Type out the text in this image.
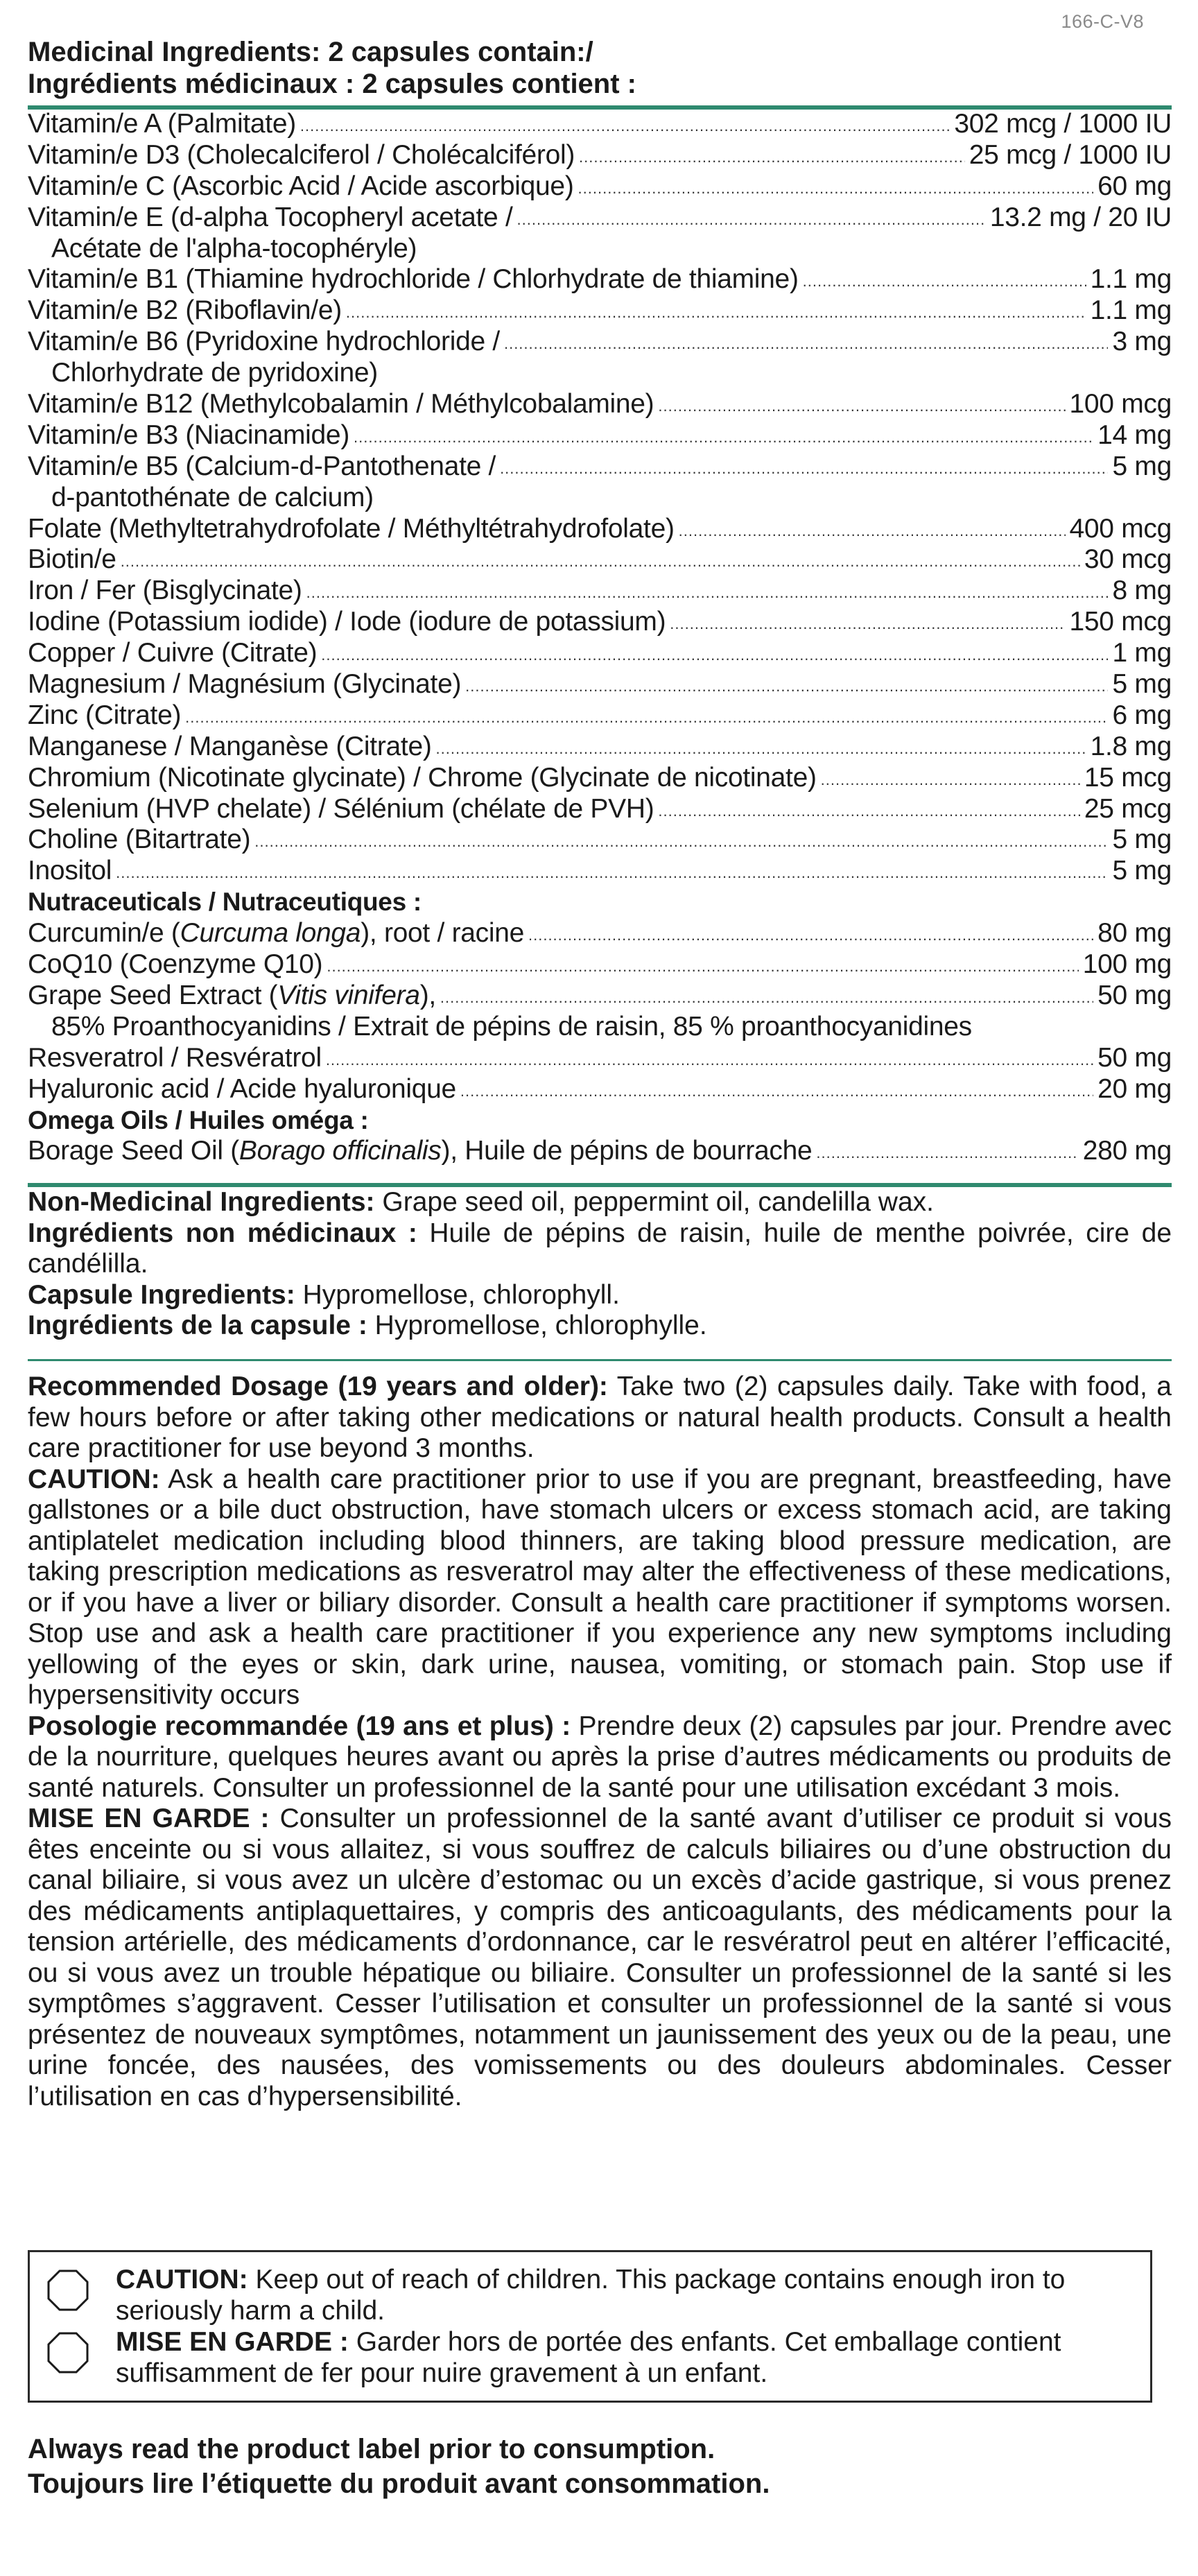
166-C-V8
Medicinal Ingredients: 2 capsules contain:/
Ingrédients médicinaux : 2 capsules contient :
Vitamin/e A (Palmitate) .....	302 mcg / 1000 IU
Vitamin/e D3 (Cholecalciferol / Cholécalciférol) .....	25 mcg / 1000 IU
Vitamin/e C (Ascorbic Acid / Acide ascorbique) .....	60 mg
Vitamin/e E (d-alpha Tocopheryl acetate / .....	13.2 mg / 20 IU
Acétate de l'alpha-tocophéryle)
Vitamin/e B1 (Thiamine hydrochloride / Chlorhydrate de thiamine) .....	1.1 mg
Vitamin/e B2 (Riboflavin/e) .....	1.1 mg
Vitamin/e B6 (Pyridoxine hydrochloride / .....	3 mg
Chlorhydrate de pyridoxine)
Vitamin/e B12 (Methylcobalamin / Méthylcobalamine) .....	100 mcg
Vitamin/e B3 (Niacinamide) .....	14 mg
Vitamin/e B5 (Calcium-d-Pantothenate / .....	5 mg
d-pantothénate de calcium)
Folate (Methyltetrahydrofolate / Méthyltétrahydrofolate) .....	400 mcg
Biotin/e .....	30 mcg
Iron / Fer (Bisglycinate) .....	8 mg
Iodine (Potassium iodide) / Iode (iodure de potassium) .....	150 mcg
Copper / Cuivre (Citrate) .....	1 mg
Magnesium / Magnésium (Glycinate) .....	5 mg
Zinc (Citrate) .....	6 mg
Manganese / Manganèse (Citrate) .....	1.8 mg
Chromium (Nicotinate glycinate) / Chrome (Glycinate de nicotinate) .....	15 mcg
Selenium (HVP chelate) / Sélénium (chélate de PVH) .....	25 mcg
Choline (Bitartrate) .....	5 mg
Inositol .....	5 mg
Nutraceuticals / Nutraceutiques :
Curcumin/e (Curcuma longa), root / racine .....	80 mg
CoQ10 (Coenzyme Q10) .....	100 mg
Grape Seed Extract (Vitis vinifera), .....	50 mg
85% Proanthocyanidins / Extrait de pépins de raisin, 85 % proanthocyanidines
Resveratrol / Resvératrol .....	50 mg
Hyaluronic acid / Acide hyaluronique .....	20 mg
Omega Oils / Huiles oméga :
Borage Seed Oil (Borago officinalis), Huile de pépins de bourrache .....	280 mg

Non-Medicinal Ingredients: Grape seed oil, peppermint oil, candelilla wax.

Ingrédients non médicinaux : Huile de pépins de raisin, huile de menthe poivrée, cire de candélilla.

Capsule Ingredients: Hypromellose, chlorophyll.

Ingrédients de la capsule : Hypromellose, chlorophylle.

Recommended Dosage (19 years and older): Take two (2) capsules daily. Take with food, a few hours before or after taking other medications or natural health products. Consult a health care practitioner for use beyond 3 months.

CAUTION: Ask a health care practitioner prior to use if you are pregnant, breastfeeding, have gallstones or a bile duct obstruction, have stomach ulcers or excess stomach acid, are taking antiplatelet medication including blood thinners, are taking blood pressure medication, are taking prescription medications as resveratrol may alter the effectiveness of these medications, or if you have a liver or biliary disorder. Consult a health care practitioner if symptoms worsen. Stop use and ask a health care practitioner if you experience any new symptoms including yellowing of the eyes or skin, dark urine, nausea, vomiting, or stomach pain. Stop use if hypersensitivity occurs

Posologie recommandée (19 ans et plus) : Prendre deux (2) capsules par jour. Prendre avec de la nourriture, quelques heures avant ou après la prise d’autres médicaments ou produits de santé naturels. Consulter un professionnel de la santé pour une utilisation excédant 3 mois.

MISE EN GARDE : Consulter un professionnel de la santé avant d’utiliser ce produit si vous êtes enceinte ou si vous allaitez, si vous souffrez de calculs biliaires ou d’une obstruction du canal biliaire, si vous avez un ulcère d’estomac ou un excès d’acide gastrique, si vous prenez des médicaments antiplaquettaires, y compris des anticoagulants, des médicaments pour la tension artérielle, des médicaments d’ordonnance, car le resvératrol peut en altérer l’efficacité, ou si vous avez un trouble hépatique ou biliaire. Consulter un professionnel de la santé si les symptômes s’aggravent. Cesser l’utilisation et consulter un professionnel de la santé si vous présentez de nouveaux symptômes, notamment un jaunissement des yeux ou de la peau, une urine foncée, des nausées, des vomissements ou des douleurs abdominales. Cesser l’utilisation en cas d’hypersensibilité.

CAUTION: Keep out of reach of children. This package contains enough iron to seriously harm a child.
MISE EN GARDE : Garder hors de portée des enfants. Cet emballage contient suffisamment de fer pour nuire gravement à un enfant.
Always read the product label prior to consumption.
Toujours lire l’étiquette du produit avant consommation.
